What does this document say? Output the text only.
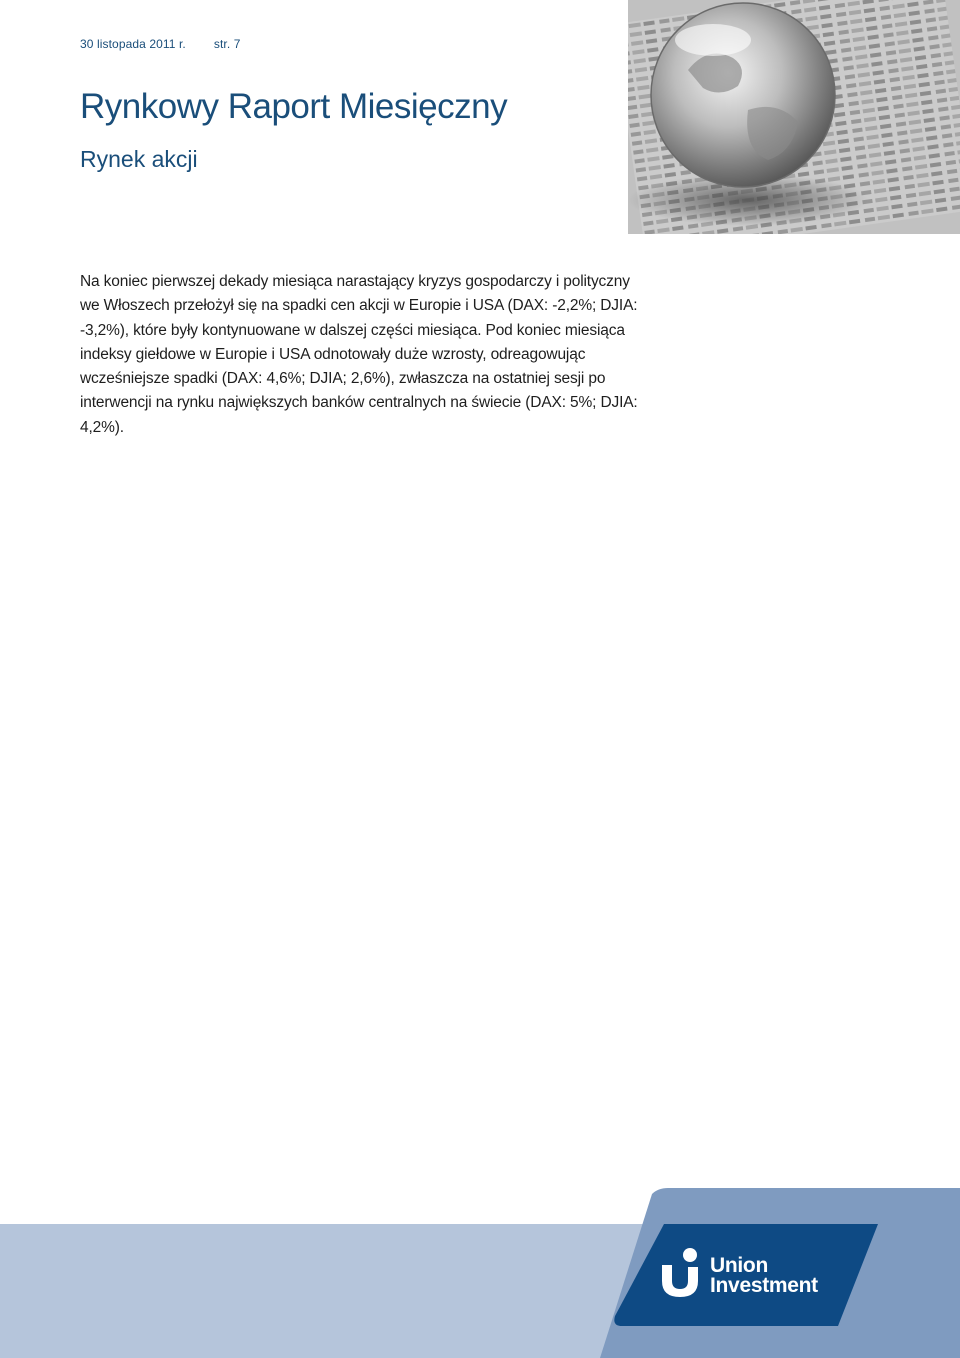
30 listopada 2011 r. str. 7
Rynkowy Raport Miesięczny
Rynek akcji

Na koniec pierwszej dekady miesiąca narastający kryzys gospodarczy i polityczny we Włoszech przełożył się na spadki cen akcji w Europie i USA (DAX: -2,2%; DJIA: -3,2%), które były kontynuowane w dalszej części miesiąca. Pod koniec miesiąca indeksy giełdowe w Europie i USA odnotowały duże wzrosty, odreagowując wcześniejsze spadki (DAX: 4,6%; DJIA; 2,6%), zwłaszcza na ostatniej sesji po interwencji na rynku największych banków centralnych na świecie (DAX: 5%; DJIA: 4,2%).

Union
Investment
